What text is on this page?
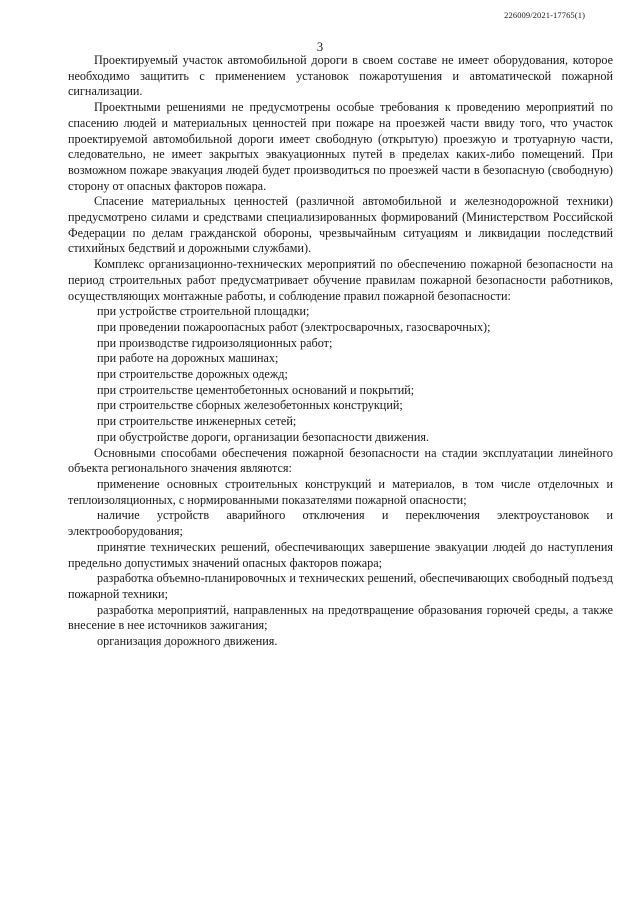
226009/2021-17765(1)
3

Проектируемый участок автомобильной дороги в своем составе не имеет оборудования, которое необходимо защитить с применением установок пожаротушения и автоматической пожарной сигнализации.

Проектными решениями не предусмотрены особые требования к проведению мероприятий по спасению людей и материальных ценностей при пожаре на проезжей части ввиду того, что участок проектируемой автомобильной дороги имеет свободную (открытую) проезжую и тротуарную части, следовательно, не имеет закрытых эвакуационных путей в пределах каких-либо помещений. При возможном пожаре эвакуация людей будет производиться по проезжей части в безопасную (свободную) сторону от опасных факторов пожара.

Спасение материальных ценностей (различной автомобильной и железнодорожной техники) предусмотрено силами и средствами специализированных формирований (Министерством Российской Федерации по делам гражданской обороны, чрезвычайным ситуациям и ликвидации последствий стихийных бедствий и дорожными службами).

Комплекс организационно-технических мероприятий по обеспечению пожарной безопасности на период строительных работ предусматривает обучение правилам пожарной безопасности работников, осуществляющих монтажные работы, и соблюдение правил пожарной безопасности:

при устройстве строительной площадки;

при проведении пожароопасных работ (электросварочных, газосварочных);

при производстве гидроизоляционных работ;

при работе на дорожных машинах;

при строительстве дорожных одежд;

при строительстве цементобетонных оснований и покрытий;

при строительстве сборных железобетонных конструкций;

при строительстве инженерных сетей;

при обустройстве дороги, организации безопасности движения.

Основными способами обеспечения пожарной безопасности на стадии эксплуатации линейного объекта регионального значения являются:

применение основных строительных конструкций и материалов, в том числе отделочных и теплоизоляционных, с нормированными показателями пожарной опасности;

наличие устройств аварийного отключения и переключения электроустановок и электрооборудования;

принятие технических решений, обеспечивающих завершение эвакуации людей до наступления предельно допустимых значений опасных факторов пожара;

разработка объемно-планировочных и технических решений, обеспечивающих свободный подъезд пожарной техники;

разработка мероприятий, направленных на предотвращение образования горючей среды, а также внесение в нее источников зажигания;

организация дорожного движения.
